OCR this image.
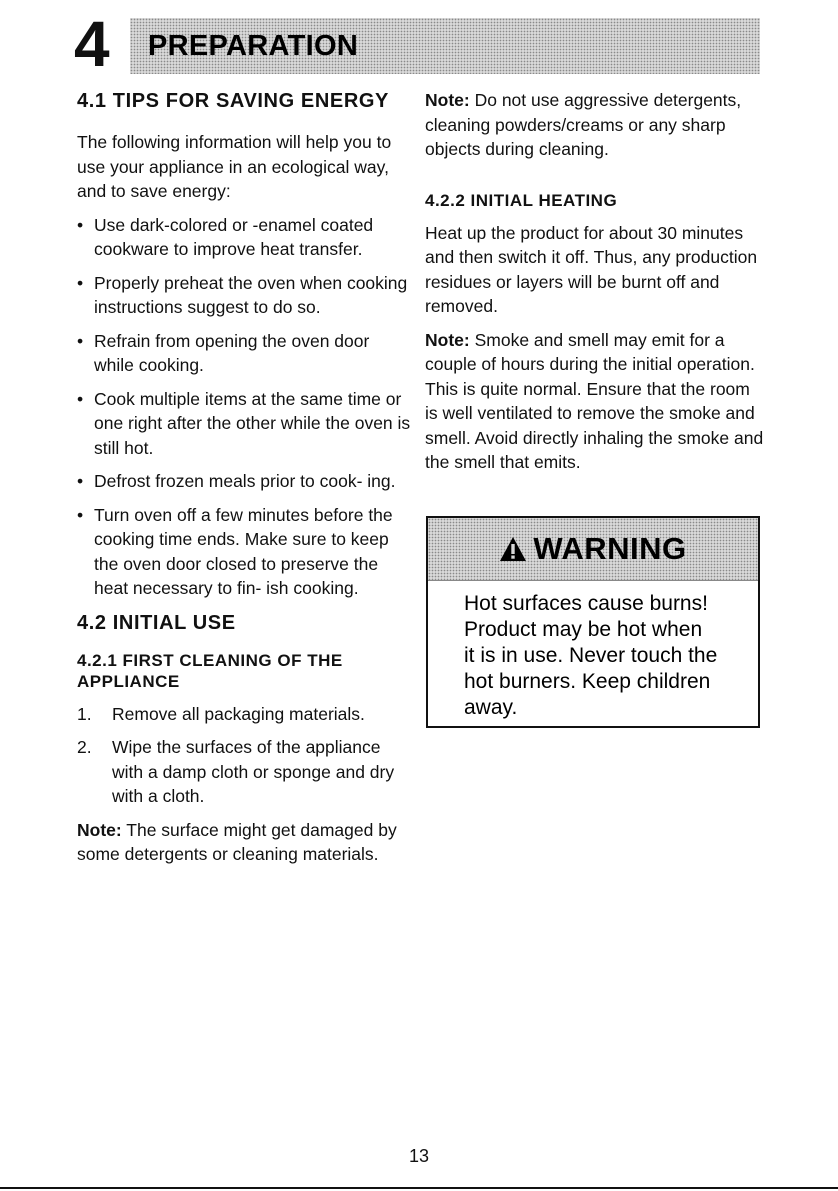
4 PREPARATION
4.1 TIPS FOR SAVING ENERGY

The following information will help you to use your appliance in an ecological way, and to save energy:

• Use dark-colored or -enamel coated cookware to improve heat transfer.
• Properly preheat the oven when cooking instructions suggest to do so.
• Refrain from opening the oven door while cooking.
• Cook multiple items at the same time or one right after the other while the oven is still hot.
• Defrost frozen meals prior to cook- ing.
• Turn oven off a few minutes before the cooking time ends. Make sure to keep the oven door closed to preserve the heat necessary to fin- ish cooking.
4.2 INITIAL USE
4.2.1 FIRST CLEANING OF THE APPLIANCE
1. Remove all packaging materials.
2. Wipe the surfaces of the appliance with a damp cloth or sponge and dry with a cloth.

Note: The surface might get damaged by some detergents or cleaning materials.

Note: Do not use aggressive detergents, cleaning powders/creams or any sharp objects during cleaning.

4.2.2 INITIAL HEATING

Heat up the product for about 30 minutes and then switch it off. Thus, any production residues or layers will be burnt off and removed.

Note: Smoke and smell may emit for a couple of hours during the initial operation. This is quite normal. Ensure that the room is well ventilated to remove the smoke and smell. Avoid directly inhaling the smoke and the smell that emits.

WARNING
Hot surfaces cause burns!
Product may be hot when
it is in use. Never touch the
hot burners. Keep children
away.
13
